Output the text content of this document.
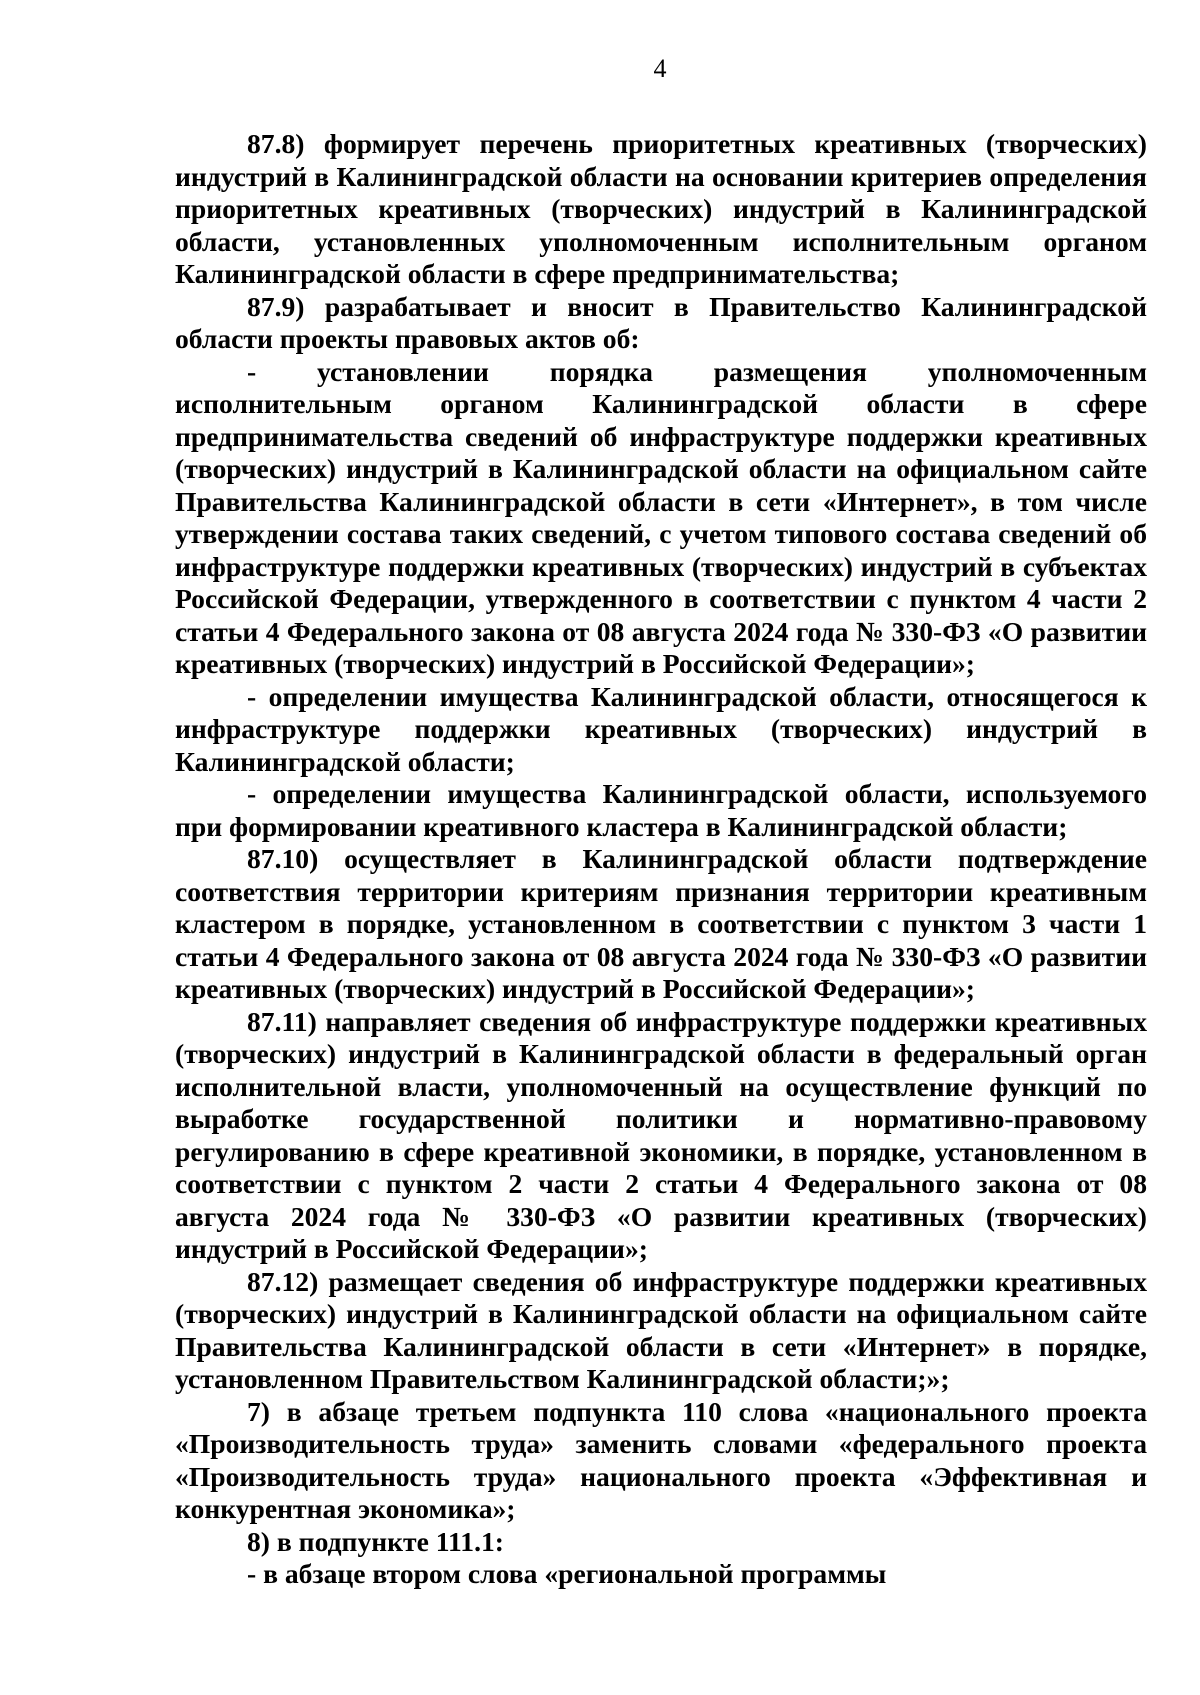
4

87.8) формирует перечень приоритетных креативных (творческих) индустрий в Калининградской области на основании критериев определения приоритетных креативных (творческих) индустрий в Калининградской области, установленных уполномоченным исполнительным органом Калининградской области в сфере предпринимательства;

87.9) разрабатывает и вносит в Правительство Калининградской области проекты правовых актов об:

- установлении порядка размещения уполномоченным исполнительным органом Калининградской области в сфере предпринимательства сведений об инфраструктуре поддержки креативных (творческих) индустрий в Калининградской области на официальном сайте Правительства Калининградской области в сети «Интернет», в том числе утверждении состава таких сведений, с учетом типового состава сведений об инфраструктуре поддержки креативных (творческих) индустрий в субъектах Российской Федерации, утвержденного в соответствии с пунктом 4 части 2 статьи 4 Федерального закона от 08 августа 2024 года № 330-ФЗ «О развитии креативных (творческих) индустрий в Российской Федерации»;

- определении имущества Калининградской области, относящегося к инфраструктуре поддержки креативных (творческих) индустрий в Калининградской области;

- определении имущества Калининградской области, используемого при формировании креативного кластера в Калининградской области;

87.10) осуществляет в Калининградской области подтверждение соответствия территории критериям признания территории креативным кластером в порядке, установленном в соответствии с пунктом 3 части 1 статьи 4 Федерального закона от 08 августа 2024 года № 330-ФЗ «О развитии креативных (творческих) индустрий в Российской Федерации»;

87.11) направляет сведения об инфраструктуре поддержки креативных (творческих) индустрий в Калининградской области в федеральный орган исполнительной власти, уполномоченный на осуществление функций по выработке государственной политики и нормативно-правовому регулированию в сфере креативной экономики, в порядке, установленном в соответствии с пунктом 2 части 2 статьи 4 Федерального закона от 08 августа 2024 года № 330-ФЗ «О развитии креативных (творческих) индустрий в Российской Федерации»;

87.12) размещает сведения об инфраструктуре поддержки креативных (творческих) индустрий в Калининградской области на официальном сайте Правительства Калининградской области в сети «Интернет» в порядке, установленном Правительством Калининградской области;»;

7) в абзаце третьем подпункта 110 слова «национального проекта «Производительность труда» заменить словами «федерального проекта «Производительность труда» национального проекта «Эффективная и конкурентная экономика»;

8) в подпункте 111.1:

- в абзаце втором слова «региональной программы
